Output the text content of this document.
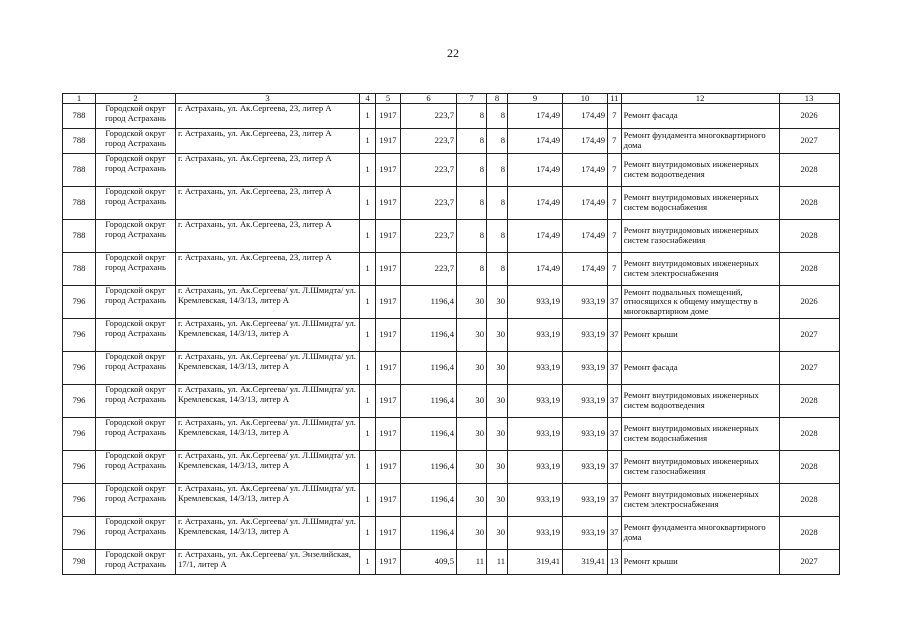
22
1	2	3	4	5	6	7	8	9	10	11	12	13
788	Городской округ город Астрахань	г. Астрахань, ул. Ак.Сергеева, 23, литер А	1	1917	223,7	8	8	174,49	174,49	7	Ремонт фасада	2026
788	Городской округ город Астрахань	г. Астрахань, ул. Ак.Сергеева, 23, литер А	1	1917	223,7	8	8	174,49	174,49	7	Ремонт фундамента многоквартирного дома	2027
788	Городской округ город Астрахань	г. Астрахань, ул. Ак.Сергеева, 23, литер А	1	1917	223,7	8	8	174,49	174,49	7	Ремонт внутридомовых инженерных систем водоотведения	2028
788	Городской округ город Астрахань	г. Астрахань, ул. Ак.Сергеева, 23, литер А	1	1917	223,7	8	8	174,49	174,49	7	Ремонт внутридомовых инженерных систем водоснабжения	2028
788	Городской округ город Астрахань	г. Астрахань, ул. Ак.Сергеева, 23, литер А	1	1917	223,7	8	8	174,49	174,49	7	Ремонт внутридомовых инженерных систем газоснабжения	2028
788	Городской округ город Астрахань	г. Астрахань, ул. Ак.Сергеева, 23, литер А	1	1917	223,7	8	8	174,49	174,49	7	Ремонт внутридомовых инженерных систем электроснабжения	2028
796	Городской округ город Астрахань	г. Астрахань, ул. Ак.Сергеева/ ул. Л.Шмидта/ ул. Кремлевская, 14/3/13, литер А	1	1917	1196,4	30	30	933,19	933,19	37	Ремонт подвальных помещений, относящихся к общему имуществу в многоквартирном доме	2026
796	Городской округ город Астрахань	г. Астрахань, ул. Ак.Сергеева/ ул. Л.Шмидта/ ул. Кремлевская, 14/3/13, литер А	1	1917	1196,4	30	30	933,19	933,19	37	Ремонт крыши	2027
796	Городской округ город Астрахань	г. Астрахань, ул. Ак.Сергеева/ ул. Л.Шмидта/ ул. Кремлевская, 14/3/13, литер А	1	1917	1196,4	30	30	933,19	933,19	37	Ремонт фасада	2027
796	Городской округ город Астрахань	г. Астрахань, ул. Ак.Сергеева/ ул. Л.Шмидта/ ул. Кремлевская, 14/3/13, литер А	1	1917	1196,4	30	30	933,19	933,19	37	Ремонт внутридомовых инженерных систем водоотведения	2028
796	Городской округ город Астрахань	г. Астрахань, ул. Ак.Сергеева/ ул. Л.Шмидта/ ул. Кремлевская, 14/3/13, литер А	1	1917	1196,4	30	30	933,19	933,19	37	Ремонт внутридомовых инженерных систем водоснабжения	2028
796	Городской округ город Астрахань	г. Астрахань, ул. Ак.Сергеева/ ул. Л.Шмидта/ ул. Кремлевская, 14/3/13, литер А	1	1917	1196,4	30	30	933,19	933,19	37	Ремонт внутридомовых инженерных систем газоснабжения	2028
796	Городской округ город Астрахань	г. Астрахань, ул. Ак.Сергеева/ ул. Л.Шмидта/ ул. Кремлевская, 14/3/13, литер А	1	1917	1196,4	30	30	933,19	933,19	37	Ремонт внутридомовых инженерных систем электроснабжения	2028
796	Городской округ город Астрахань	г. Астрахань, ул. Ак.Сергеева/ ул. Л.Шмидта/ ул. Кремлевская, 14/3/13, литер А	1	1917	1196,4	30	30	933,19	933,19	37	Ремонт фундамента многоквартирного дома	2028
798	Городской округ город Астрахань	г. Астрахань, ул. Ак.Сергеева/ ул. Энзелийская, 17/1, литер А	1	1917	409,5	11	11	319,41	319,41	13	Ремонт крыши	2027
